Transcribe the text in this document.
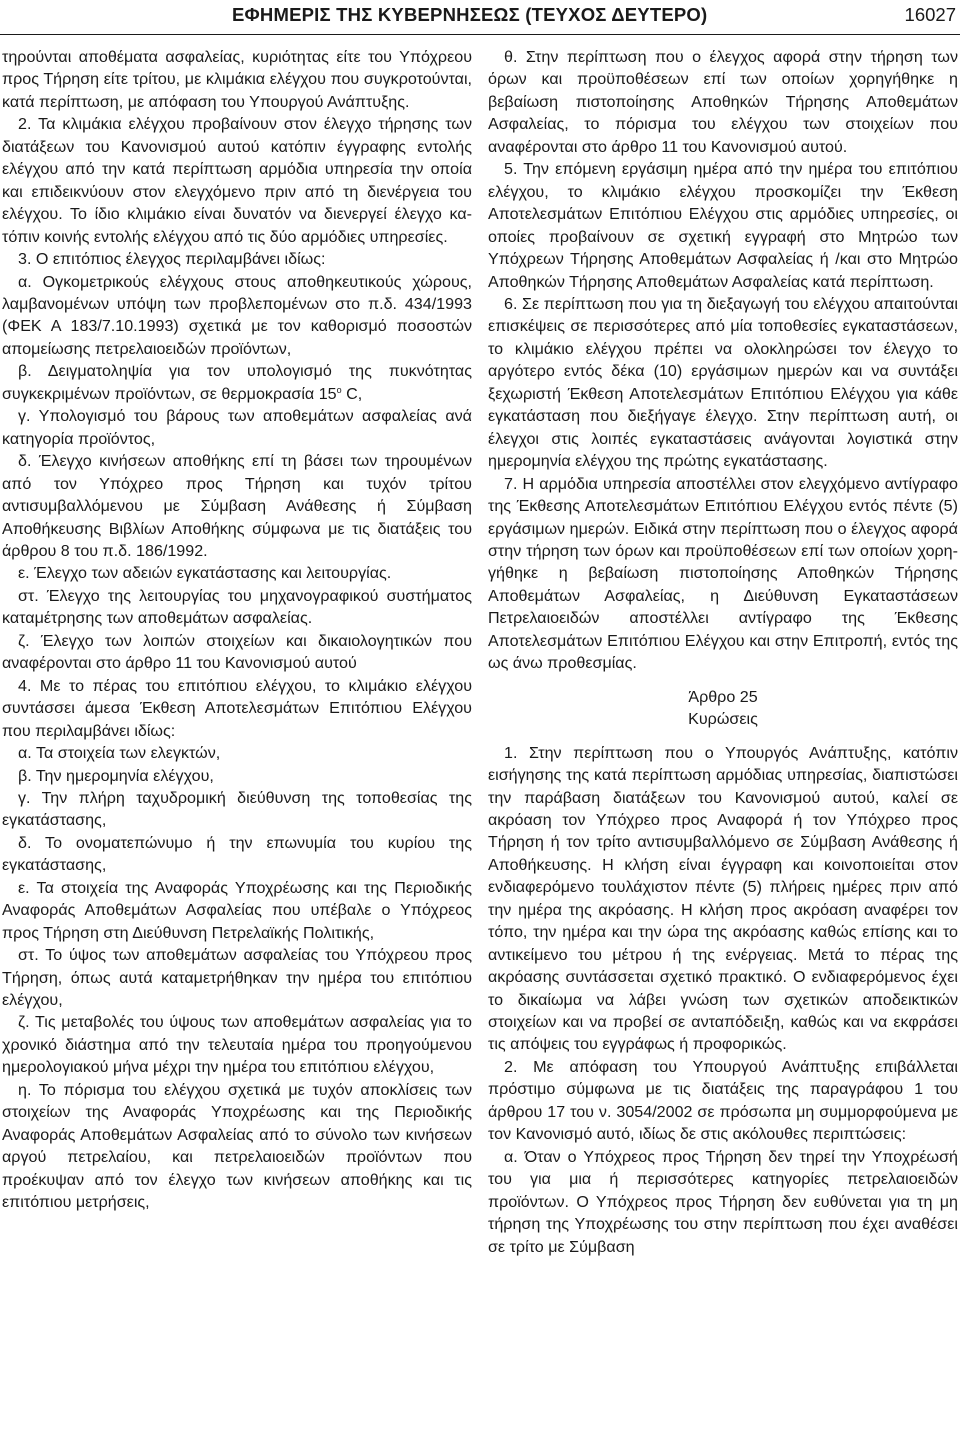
ΕΦΗΜΕΡΙΣ ΤΗΣ ΚΥΒΕΡΝΗΣΕΩΣ (ΤΕΥΧΟΣ ΔΕΥΤΕΡΟ)	16027

τηρούνται αποθέματα ασφαλείας, κυριότητας είτε του Υπόχρεου προς Τήρηση είτε τρίτου, με κλιμάκια ελέγχου που συγκροτούνται, κατά περίπτωση, με απόφαση του Υπουργού Ανάπτυξης.

2. Τα κλιμάκια ελέγχου προβαίνουν στον έλεγχο τήρησης των διατάξεων του Κανονισμού αυτού κατόπιν έγγραφης εντολής ελέγχου από την κατά περίπτωση αρμόδια υπηρεσία την οποία και επιδεικνύουν στον ελεγχόμενο πριν από τη διενέργεια του ελέγχου. Το ίδιο κλιμάκιο είναι δυνατόν να διενεργεί έλεγχο κατόπιν κοινής εντολής ελέγχου από τις δύο αρμόδιες υπηρεσίες.

3. Ο επιτόπιος έλεγχος περιλαμβάνει ιδίως:

α. Ογκομετρικούς ελέγχους στους αποθηκευτικούς χώρους, λαμβανομένων υπόψη των προβλεπομένων στο π.δ. 434/1993 (ΦΕΚ Α 183/7.10.1993) σχετικά με τον καθορισμό ποσοστών απομείωσης πετρελαιοειδών προϊόντων,

β. Δειγματοληψία για τον υπολογισμό της πυκνότητας συγκεκριμένων προϊόντων, σε θερμοκρασία $15^o$ C,

γ. Υπολογισμό του βάρους των αποθεμάτων ασφαλείας ανά κατηγορία προϊόντος,

δ. Έλεγχο κινήσεων αποθήκης επί τη βάσει των τηρουμένων από τον Υπόχρεο προς Τήρηση και τυχόν τρίτου αντισυμβαλλόμενου με Σύμβαση Ανάθεσης ή Σύμβαση Αποθήκευσης Βιβλίων Αποθήκης σύμφωνα με τις διατάξεις του άρθρου 8 του π.δ. 186/1992.

ε. Έλεγχο των αδειών εγκατάστασης και λειτουργίας.

στ. Έλεγχο της λειτουργίας του μηχανογραφικού συστήματος καταμέτρησης των αποθεμάτων ασφαλείας.

ζ. Έλεγχο των λοιπών στοιχείων και δικαιολογητικών που αναφέρονται στο άρθρο 11 του Κανονισμού αυτού

4. Με το πέρας του επιτόπιου ελέγχου, το κλιμάκιο ελέγχου συντάσσει άμεσα Έκθεση Αποτελεσμάτων Επιτόπιου Ελέγχου που περιλαμβάνει ιδίως:

α. Τα στοιχεία των ελεγκτών,

β. Την ημερομηνία ελέγχου,

γ. Την πλήρη ταχυδρομική διεύθυνση της τοποθεσίας της εγκατάστασης,

δ. Το ονοματεπώνυμο ή την επωνυμία του κυρίου της εγκατάστασης,

ε. Τα στοιχεία της Αναφοράς Υποχρέωσης και της Περιοδικής Αναφοράς Αποθεμάτων Ασφαλείας που υπέβαλε ο Υπόχρεος προς Τήρηση στη Διεύθυνση Πετρελαϊκής Πολιτικής,

στ. Το ύψος των αποθεμάτων ασφαλείας του Υπόχρεου προς Τήρηση, όπως αυτά καταμετρήθηκαν την ημέρα του επιτόπιου ελέγχου,

ζ. Τις μεταβολές του ύψους των αποθεμάτων ασφαλείας για το χρονικό διάστημα από την τελευταία ημέρα του προηγούμενου ημερολογιακού μήνα μέχρι την ημέρα του επιτόπιου ελέγχου,

η. Το πόρισμα του ελέγχου σχετικά με τυχόν αποκλίσεις των στοιχείων της Αναφοράς Υποχρέωσης και της Περιοδικής Αναφοράς Αποθεμάτων Ασφαλείας από το σύνολο των κινήσεων αργού πετρελαίου, και πετρελαιοειδών προϊόντων που προέκυψαν από τον έλεγχο των κινήσεων αποθήκης και τις επιτόπιου μετρήσεις,

θ. Στην περίπτωση που ο έλεγχος αφορά στην τήρηση των όρων και προϋποθέσεων επί των οποίων χορηγήθηκε η βεβαίωση πιστοποίησης Αποθηκών Τήρησης Αποθεμάτων Ασφαλείας, το πόρισμα του ελέγχου των στοιχείων που αναφέρονται στο άρθρο 11 του Κανονισμού αυτού.

5. Την επόμενη εργάσιμη ημέρα από την ημέρα του επιτόπιου ελέγχου, το κλιμάκιο ελέγχου προσκομίζει την Έκθεση Αποτελεσμάτων Επιτόπιου Ελέγχου στις αρμόδιες υπηρεσίες, οι οποίες προβαίνουν σε σχετική εγγραφή στο Μητρώο των Υπόχρεων Τήρησης Αποθεμάτων Ασφαλείας ή /και στο Μητρώο Αποθηκών Τήρησης Αποθεμάτων Ασφαλείας κατά περίπτωση.

6. Σε περίπτωση που για τη διεξαγωγή του ελέγχου απαιτούνται επισκέψεις σε περισσότερες από μία τοποθεσίες εγκαταστάσεων, το κλιμάκιο ελέγχου πρέπει να ολοκληρώσει τον έλεγχο το αργότερο εντός δέκα (10) εργάσιμων ημερών και να συντάξει ξεχωριστή Έκθεση Αποτελεσμάτων Επιτόπιου Ελέγχου για κάθε εγκατάσταση που διεξήγαγε έλεγχο. Στην περίπτωση αυτή, οι έλεγχοι στις λοιπές εγκαταστάσεις ανάγονται λογιστικά στην ημερομηνία ελέγχου της πρώτης εγκατάστασης.

7. Η αρμόδια υπηρεσία αποστέλλει στον ελεγχόμενο αντίγραφο της Έκθεσης Αποτελεσμάτων Επιτόπιου Ελέγχου εντός πέντε (5) εργάσιμων ημερών. Ειδικά στην περίπτωση που ο έλεγχος αφορά στην τήρηση των όρων και προϋποθέσεων επί των οποίων χορηγήθηκε η βεβαίωση πιστοποίησης Αποθηκών Τήρησης Αποθεμάτων Ασφαλείας, η Διεύθυνση Εγκαταστάσεων Πετρελαιοειδών αποστέλλει αντίγραφο της Έκθεσης Αποτελεσμάτων Επιτόπιου Ελέγχου και στην Επιτροπή, εντός της ως άνω προθεσμίας.

Άρθρο 25

Κυρώσεις

1. Στην περίπτωση που ο Υπουργός Ανάπτυξης, κατόπιν εισήγησης της κατά περίπτωση αρμόδιας υπηρεσίας, διαπιστώσει την παράβαση διατάξεων του Κανονισμού αυτού, καλεί σε ακρόαση τον Υπόχρεο προς Αναφορά ή τον Υπόχρεο προς Τήρηση ή τον τρίτο αντισυμβαλλόμενο σε Σύμβαση Ανάθεσης ή Αποθήκευσης. Η κλήση είναι έγγραφη και κοινοποιείται στον ενδιαφερόμενο τουλάχιστον πέντε (5) πλήρεις ημέρες πριν από την ημέρα της ακρόασης. Η κλήση προς ακρόαση αναφέρει τον τόπο, την ημέρα και την ώρα της ακρόασης καθώς επίσης και το αντικείμενο του μέτρου ή της ενέργειας. Μετά το πέρας της ακρόασης συντάσσεται σχετικό πρακτικό. Ο ενδιαφερόμενος έχει το δικαίωμα να λάβει γνώση των σχετικών αποδεικτικών στοιχείων και να προβεί σε ανταπόδειξη, καθώς και να εκφράσει τις απόψεις του εγγράφως ή προφορικώς.

2. Με απόφαση του Υπουργού Ανάπτυξης επιβάλλεται πρόστιμο σύμφωνα με τις διατάξεις της παραγράφου 1 του άρθρου 17 του ν. 3054/2002 σε πρόσωπα μη συμμορφούμενα με τον Κανονισμό αυτό, ιδίως δε στις ακόλουθες περιπτώσεις:

α. Όταν ο Υπόχρεος προς Τήρηση δεν τηρεί την Υποχρέωσή του για μια ή περισσότερες κατηγορίες πετρελαιοειδών προϊόντων. Ο Υπόχρεος προς Τήρηση δεν ευθύνεται για τη μη τήρηση της Υποχρέωσης του στην περίπτωση που έχει αναθέσει σε τρίτο με Σύμβαση
